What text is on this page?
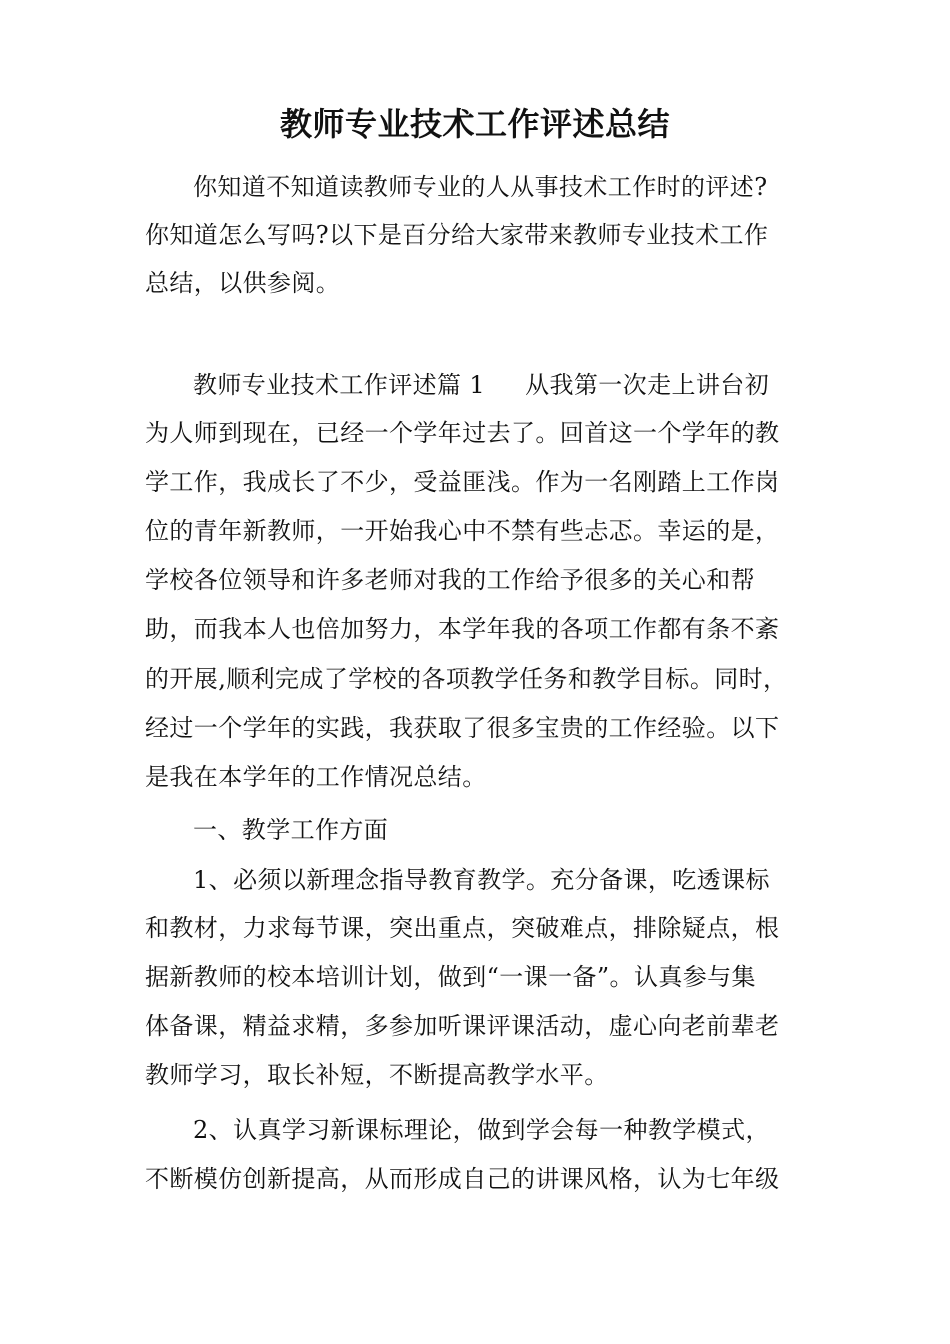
教师专业技术工作评述总结
你知道不知道读教师专业的人从事技术工作时的评述?
你知道怎么写吗?以下是百分给大家带来教师专业技术工作
总结，以供参阅。
教师专业技术工作评述篇 1 从我第一次走上讲台初
为人师到现在，已经一个学年过去了。回首这一个学年的教
学工作，我成长了不少，受益匪浅。作为一名刚踏上工作岗
位的青年新教师，一开始我心中不禁有些忐忑。幸运的是，
学校各位领导和许多老师对我的工作给予很多的关心和帮
助，而我本人也倍加努力，本学年我的各项工作都有条不紊
的开展,顺利完成了学校的各项教学任务和教学目标。同时，
经过一个学年的实践，我获取了很多宝贵的工作经验。以下
是我在本学年的工作情况总结。
一、教学工作方面
1、必须以新理念指导教育教学。充分备课，吃透课标
和教材，力求每节课，突出重点，突破难点，排除疑点，根
据新教师的校本培训计划，做到“一课一备”。认真参与集
体备课，精益求精，多参加听课评课活动，虚心向老前辈老
教师学习，取长补短，不断提高教学水平。
2、认真学习新课标理论，做到学会每一种教学模式，
不断模仿创新提高，从而形成自己的讲课风格，认为七年级
